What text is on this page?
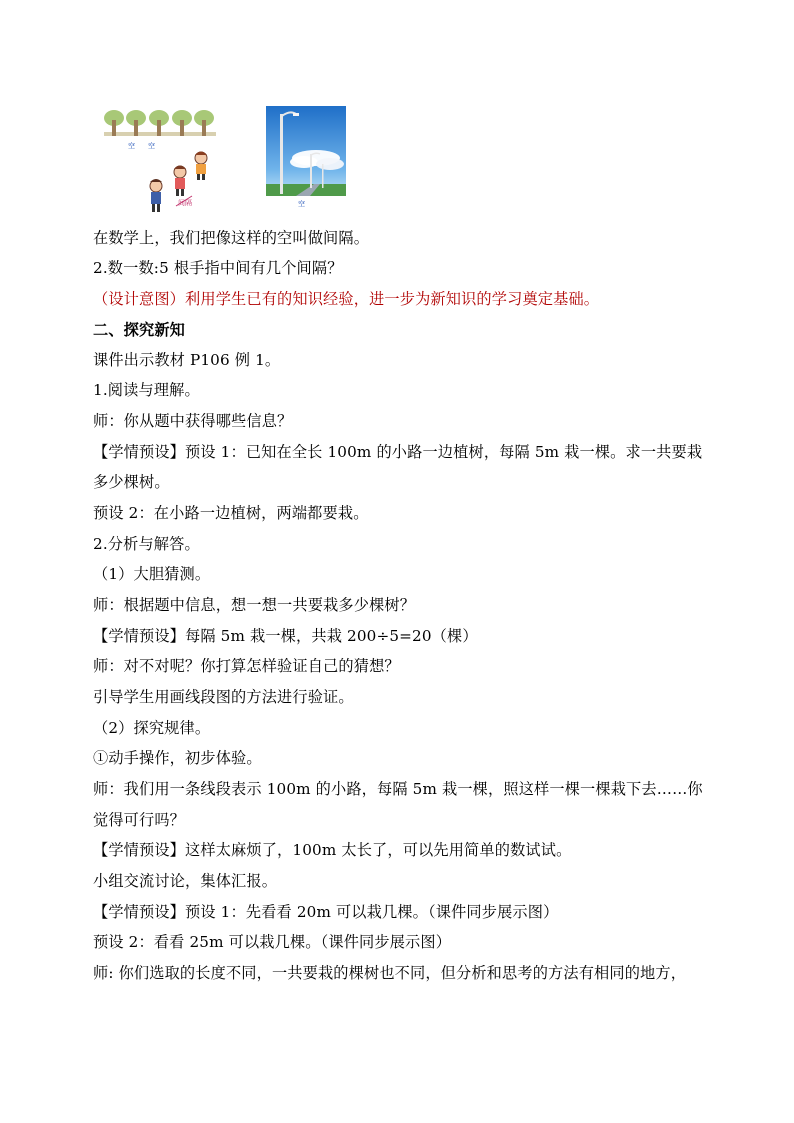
空 空
间隔	空
在数学上，我们把像这样的空叫做间隔。
2.数一数:5 根手指中间有几个间隔？
（设计意图）利用学生已有的知识经验，进一步为新知识的学习奠定基础。
二、探究新知
课件出示教材 P106 例 1。
1.阅读与理解。
师：你从题中获得哪些信息？
【学情预设】预设 1：已知在全长 100m 的小路一边植树，每隔 5m 栽一棵。求一共要栽
多少棵树。
预设 2：在小路一边植树，两端都要栽。
2.分析与解答。
（1）大胆猜测。
师：根据题中信息，想一想一共要栽多少棵树？
【学情预设】每隔 5m 栽一棵，共栽 200÷5=20（棵）
师：对不对呢？你打算怎样验证自己的猜想？
引导学生用画线段图的方法进行验证。
（2）探究规律。
①动手操作，初步体验。
师：我们用一条线段表示 100m 的小路，每隔 5m 栽一棵，照这样一棵一棵栽下去……你
觉得可行吗？
【学情预设】这样太麻烦了，100m 太长了，可以先用简单的数试试。
小组交流讨论，集体汇报。
【学情预设】预设 1：先看看 20m 可以栽几棵。（课件同步展示图）
预设 2：看看 25m 可以栽几棵。（课件同步展示图）
师: 你们选取的长度不同，一共要栽的棵树也不同，但分析和思考的方法有相同的地方，
